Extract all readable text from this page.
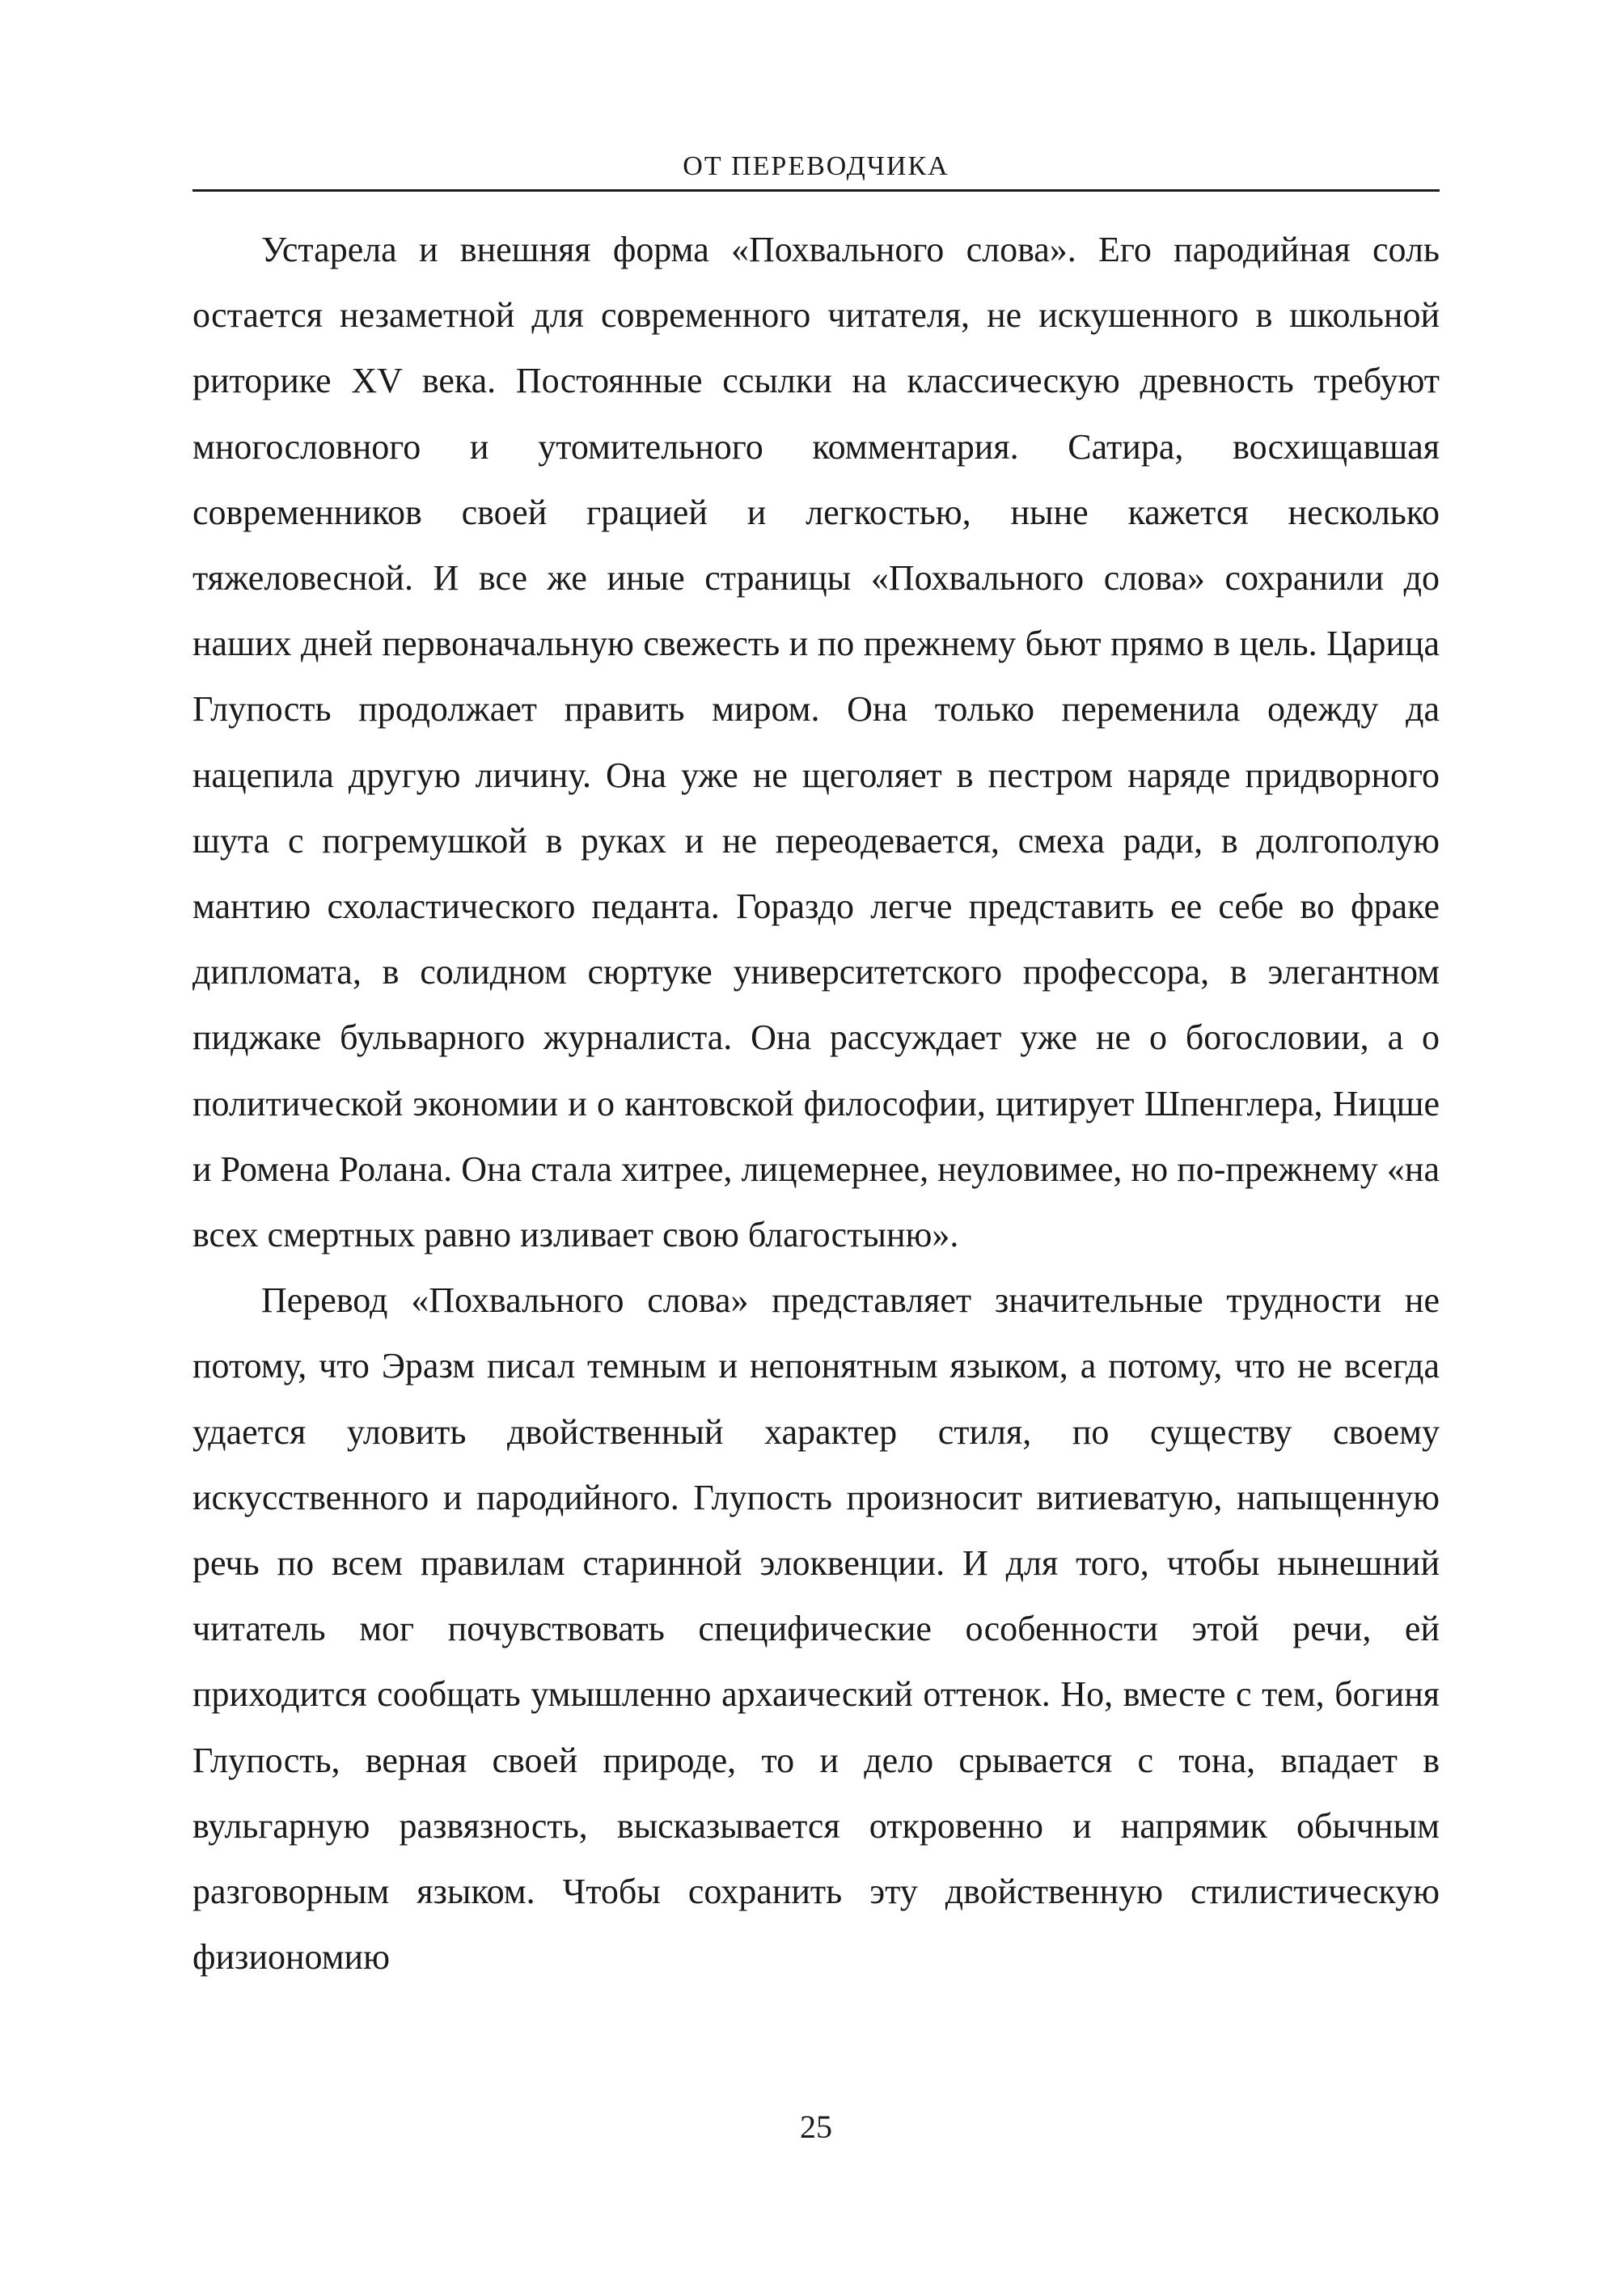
ОТ ПЕРЕВОДЧИКА

Устарела и внешняя форма «Похвального слова». Его пародийная соль остается незаметной для современного читателя, не искушенного в школьной риторике XV века. Постоянные ссылки на классическую древность требуют многословного и утомительного комментария. Сатира, восхищавшая современников своей грацией и легкостью, ныне кажется несколько тяжеловесной. И все же иные страницы «Похвального слова» сохранили до наших дней первоначальную свежесть и по прежнему бьют прямо в цель. Царица Глупость продолжает править миром. Она только переменила одежду да нацепила другую личину. Она уже не щеголяет в пестром наряде придворного шута с погремушкой в руках и не переодевается, смеха ради, в долгополую мантию схоластического педанта. Гораздо легче представить ее себе во фраке дипломата, в солидном сюртуке университетского профессора, в элегантном пиджаке бульварного журналиста. Она рассуждает уже не о богословии, а о политической экономии и о кантовской философии, цитирует Шпенглера, Ницше и Ромена Ролана. Она стала хитрее, лицемернее, неуловимее, но по-прежнему «на всех смертных равно изливает свою благостыню».

Перевод «Похвального слова» представляет значительные трудности не потому, что Эразм писал темным и непонятным языком, а потому, что не всегда удается уловить двойственный характер стиля, по существу своему искусственного и пародийного. Глупость произносит витиеватую, напыщенную речь по всем правилам старинной элоквенции. И для того, чтобы нынешний читатель мог почувствовать специфические особенности этой речи, ей приходится сообщать умышленно архаический оттенок. Но, вместе с тем, богиня Глупость, верная своей природе, то и дело срывается с тона, впадает в вульгарную развязность, высказывается откровенно и напрямик обычным разговорным языком. Чтобы сохранить эту двойственную стилистическую физиономию

25
